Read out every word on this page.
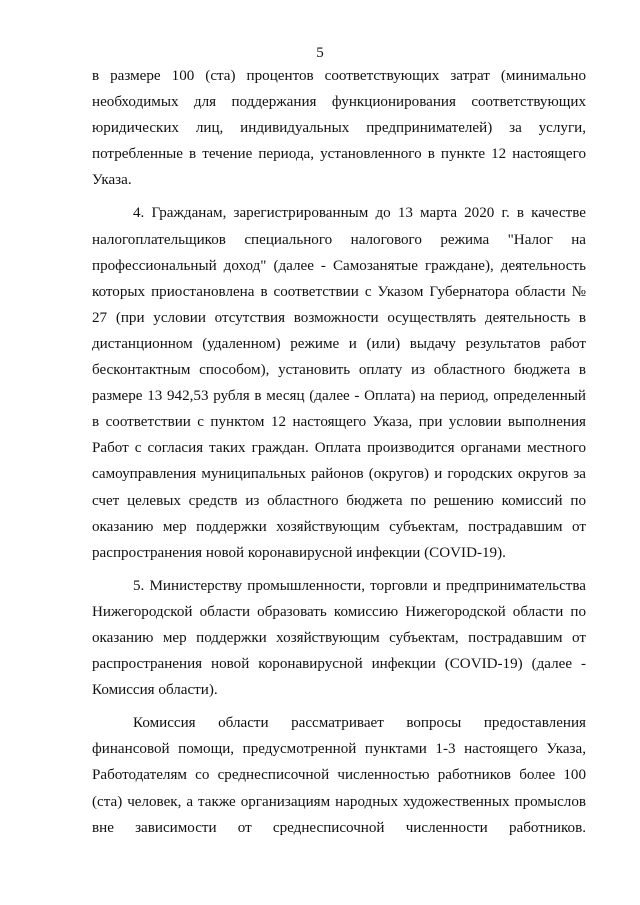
5

в размере 100 (ста) процентов соответствующих затрат (минимально необходимых для поддержания функционирования соответствующих юридических лиц, индивидуальных предпринимателей) за услуги, потребленные в течение периода, установленного в пункте 12 настоящего Указа.

4. Гражданам, зарегистрированным до 13 марта 2020 г. в качестве налогоплательщиков специального налогового режима "Налог на профессиональный доход" (далее - Самозанятые граждане), деятельность которых приостановлена в соответствии с Указом Губернатора области № 27 (при условии отсутствия возможности осуществлять деятельность в дистанционном (удаленном) режиме и (или) выдачу результатов работ бесконтактным способом), установить оплату из областного бюджета в размере 13 942,53 рубля в месяц (далее - Оплата) на период, определенный в соответствии с пунктом 12 настоящего Указа, при условии выполнения Работ с согласия таких граждан. Оплата производится органами местного самоуправления муниципальных районов (округов) и городских округов за счет целевых средств из областного бюджета по решению комиссий по оказанию мер поддержки хозяйствующим субъектам, пострадавшим от распространения новой коронавирусной инфекции (COVID-19).

5. Министерству промышленности, торговли и предпринимательства Нижегородской области образовать комиссию Нижегородской области по оказанию мер поддержки хозяйствующим субъектам, пострадавшим от распространения новой коронавирусной инфекции (COVID-19) (далее - Комиссия области).

Комиссия области рассматривает вопросы предоставления финансовой помощи, предусмотренной пунктами 1-3 настоящего Указа, Работодателям со среднесписочной численностью работников более 100 (ста) человек, а также организациям народных художественных промыслов вне зависимости от среднесписочной численности работников.
